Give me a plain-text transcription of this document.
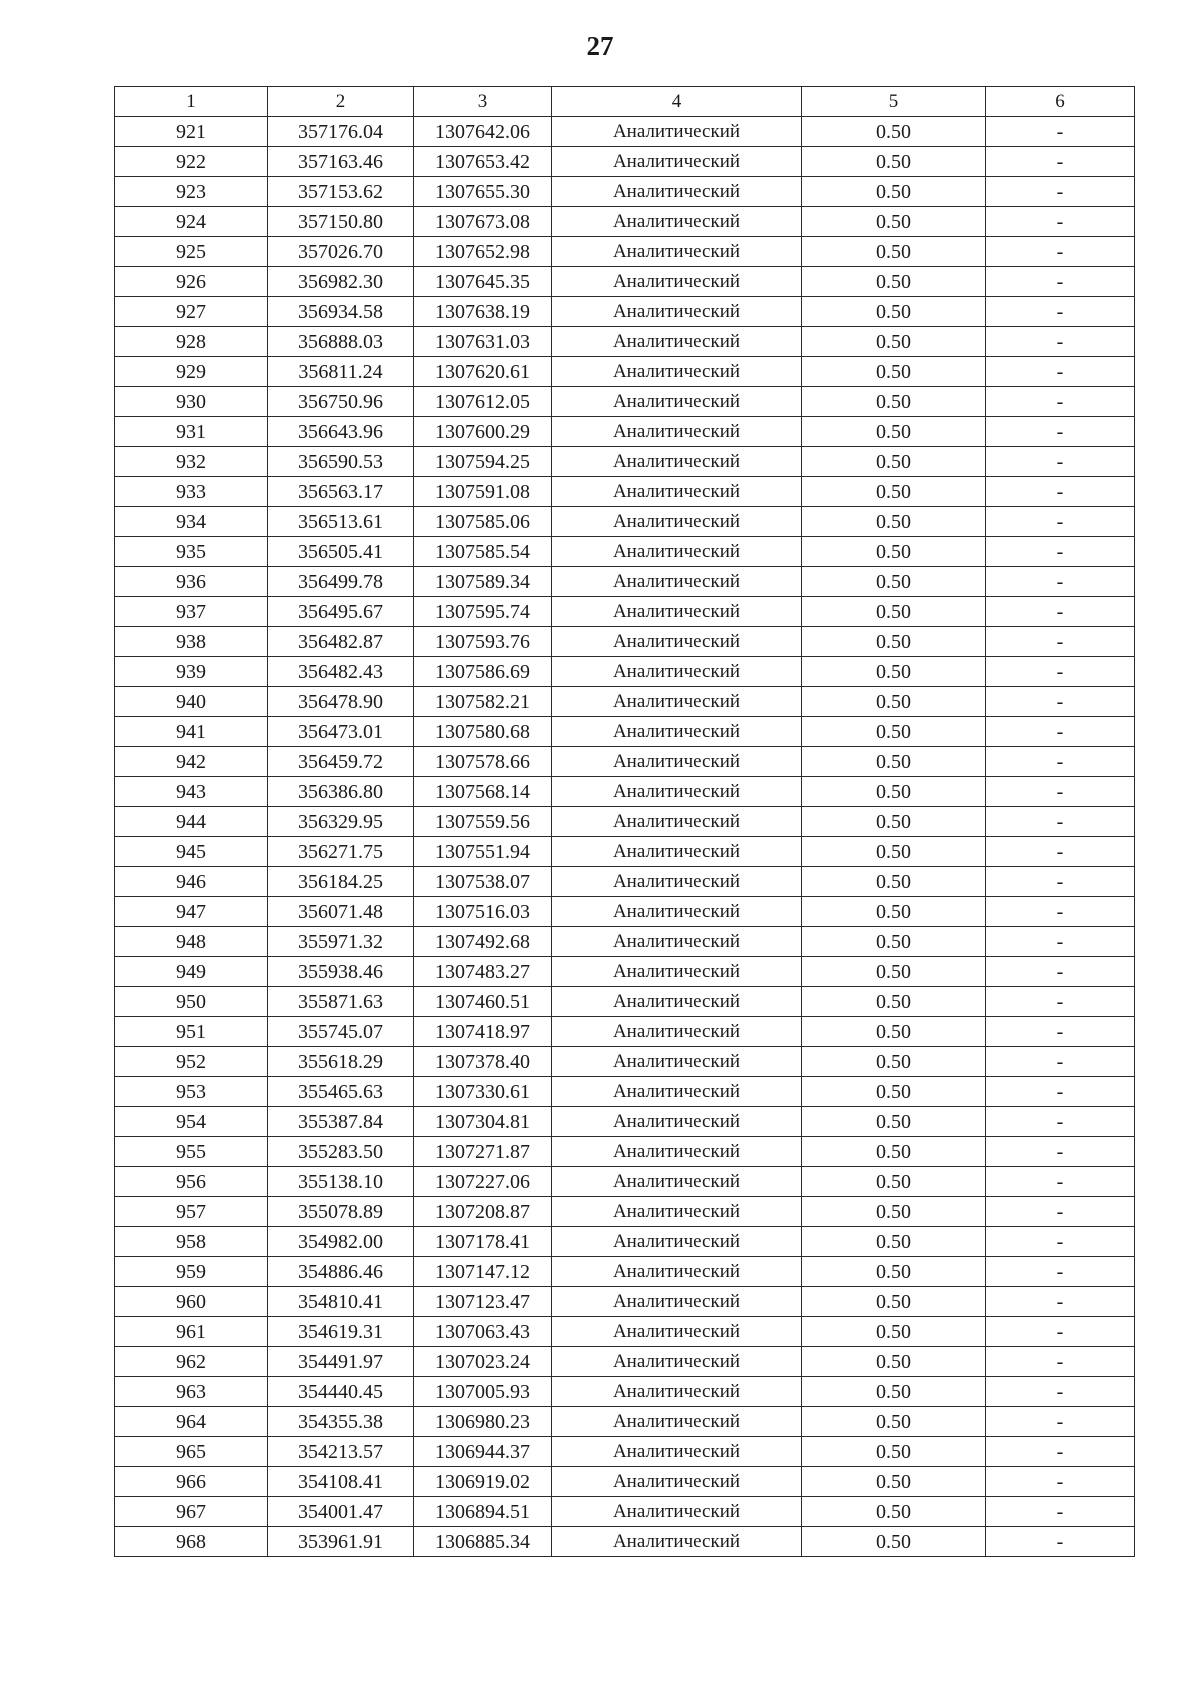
27
1	2	3	4	5	6
921	357176.04	1307642.06	Аналитический	0.50	-
922	357163.46	1307653.42	Аналитический	0.50	-
923	357153.62	1307655.30	Аналитический	0.50	-
924	357150.80	1307673.08	Аналитический	0.50	-
925	357026.70	1307652.98	Аналитический	0.50	-
926	356982.30	1307645.35	Аналитический	0.50	-
927	356934.58	1307638.19	Аналитический	0.50	-
928	356888.03	1307631.03	Аналитический	0.50	-
929	356811.24	1307620.61	Аналитический	0.50	-
930	356750.96	1307612.05	Аналитический	0.50	-
931	356643.96	1307600.29	Аналитический	0.50	-
932	356590.53	1307594.25	Аналитический	0.50	-
933	356563.17	1307591.08	Аналитический	0.50	-
934	356513.61	1307585.06	Аналитический	0.50	-
935	356505.41	1307585.54	Аналитический	0.50	-
936	356499.78	1307589.34	Аналитический	0.50	-
937	356495.67	1307595.74	Аналитический	0.50	-
938	356482.87	1307593.76	Аналитический	0.50	-
939	356482.43	1307586.69	Аналитический	0.50	-
940	356478.90	1307582.21	Аналитический	0.50	-
941	356473.01	1307580.68	Аналитический	0.50	-
942	356459.72	1307578.66	Аналитический	0.50	-
943	356386.80	1307568.14	Аналитический	0.50	-
944	356329.95	1307559.56	Аналитический	0.50	-
945	356271.75	1307551.94	Аналитический	0.50	-
946	356184.25	1307538.07	Аналитический	0.50	-
947	356071.48	1307516.03	Аналитический	0.50	-
948	355971.32	1307492.68	Аналитический	0.50	-
949	355938.46	1307483.27	Аналитический	0.50	-
950	355871.63	1307460.51	Аналитический	0.50	-
951	355745.07	1307418.97	Аналитический	0.50	-
952	355618.29	1307378.40	Аналитический	0.50	-
953	355465.63	1307330.61	Аналитический	0.50	-
954	355387.84	1307304.81	Аналитический	0.50	-
955	355283.50	1307271.87	Аналитический	0.50	-
956	355138.10	1307227.06	Аналитический	0.50	-
957	355078.89	1307208.87	Аналитический	0.50	-
958	354982.00	1307178.41	Аналитический	0.50	-
959	354886.46	1307147.12	Аналитический	0.50	-
960	354810.41	1307123.47	Аналитический	0.50	-
961	354619.31	1307063.43	Аналитический	0.50	-
962	354491.97	1307023.24	Аналитический	0.50	-
963	354440.45	1307005.93	Аналитический	0.50	-
964	354355.38	1306980.23	Аналитический	0.50	-
965	354213.57	1306944.37	Аналитический	0.50	-
966	354108.41	1306919.02	Аналитический	0.50	-
967	354001.47	1306894.51	Аналитический	0.50	-
968	353961.91	1306885.34	Аналитический	0.50	-
